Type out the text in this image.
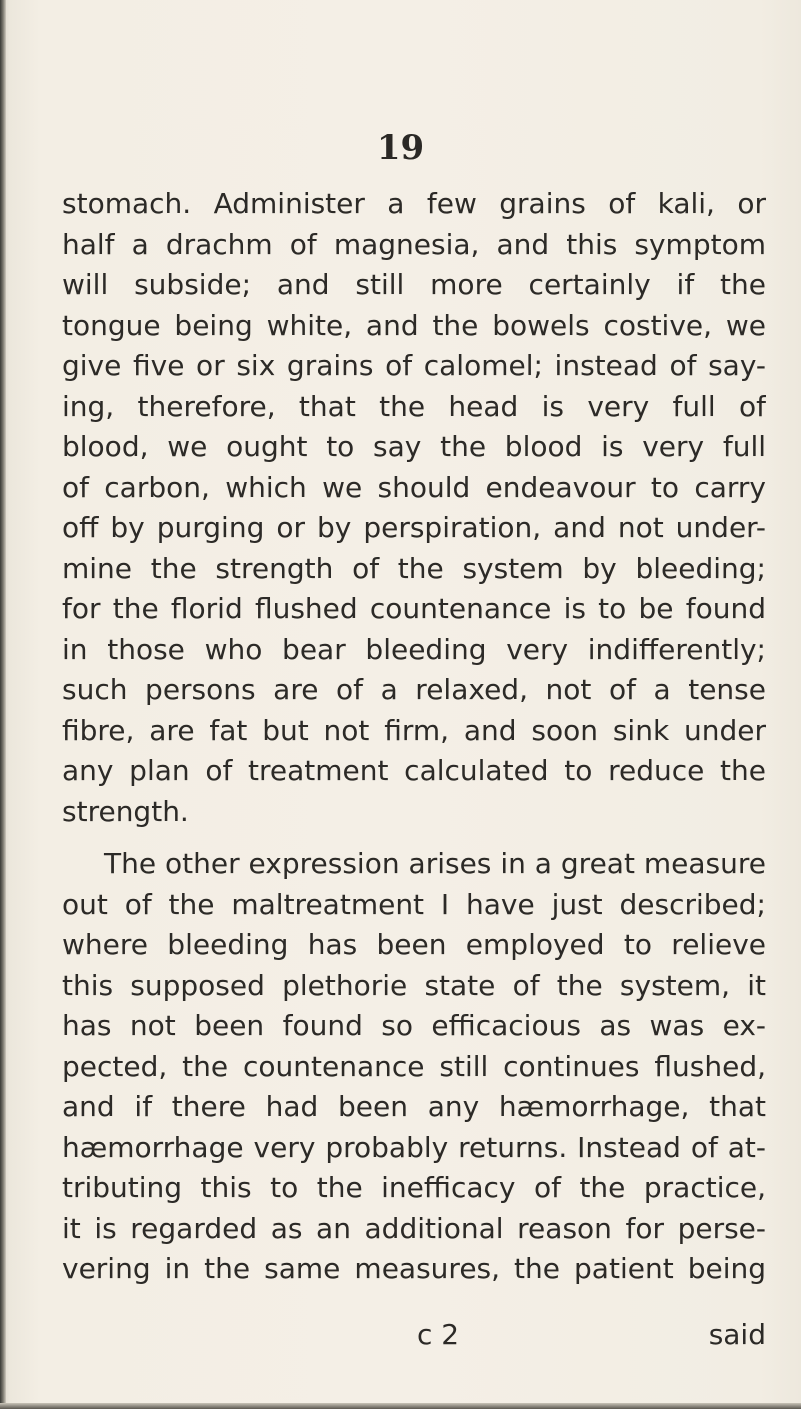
19
stomach. Administer a few grains of kali, or
half a drachm of magnesia, and this symptom
will subside; and still more certainly if the
tongue being white, and the bowels costive, we
give five or six grains of calomel; instead of say-
ing, therefore, that the head is very full of
blood, we ought to say the blood is very full
of carbon, which we should endeavour to carry
off by purging or by perspiration, and not under-
mine the strength of the system by bleeding;
for the florid flushed countenance is to be found
in those who bear bleeding very indifferently;
such persons are of a relaxed, not of a tense
fibre, are fat but not firm, and soon sink under
any plan of treatment calculated to reduce the
strength.
The other expression arises in a great measure
out of the maltreatment I have just described;
where bleeding has been employed to relieve
this supposed plethorie state of the system, it
has not been found so efficacious as was ex-
pected, the countenance still continues flushed,
and if there had been any hæmorrhage, that
hæmorrhage very probably returns. Instead of at-
tributing this to the inefficacy of the practice,
it is regarded as an additional reason for perse-
vering in the same measures, the patient being
c 2	said
